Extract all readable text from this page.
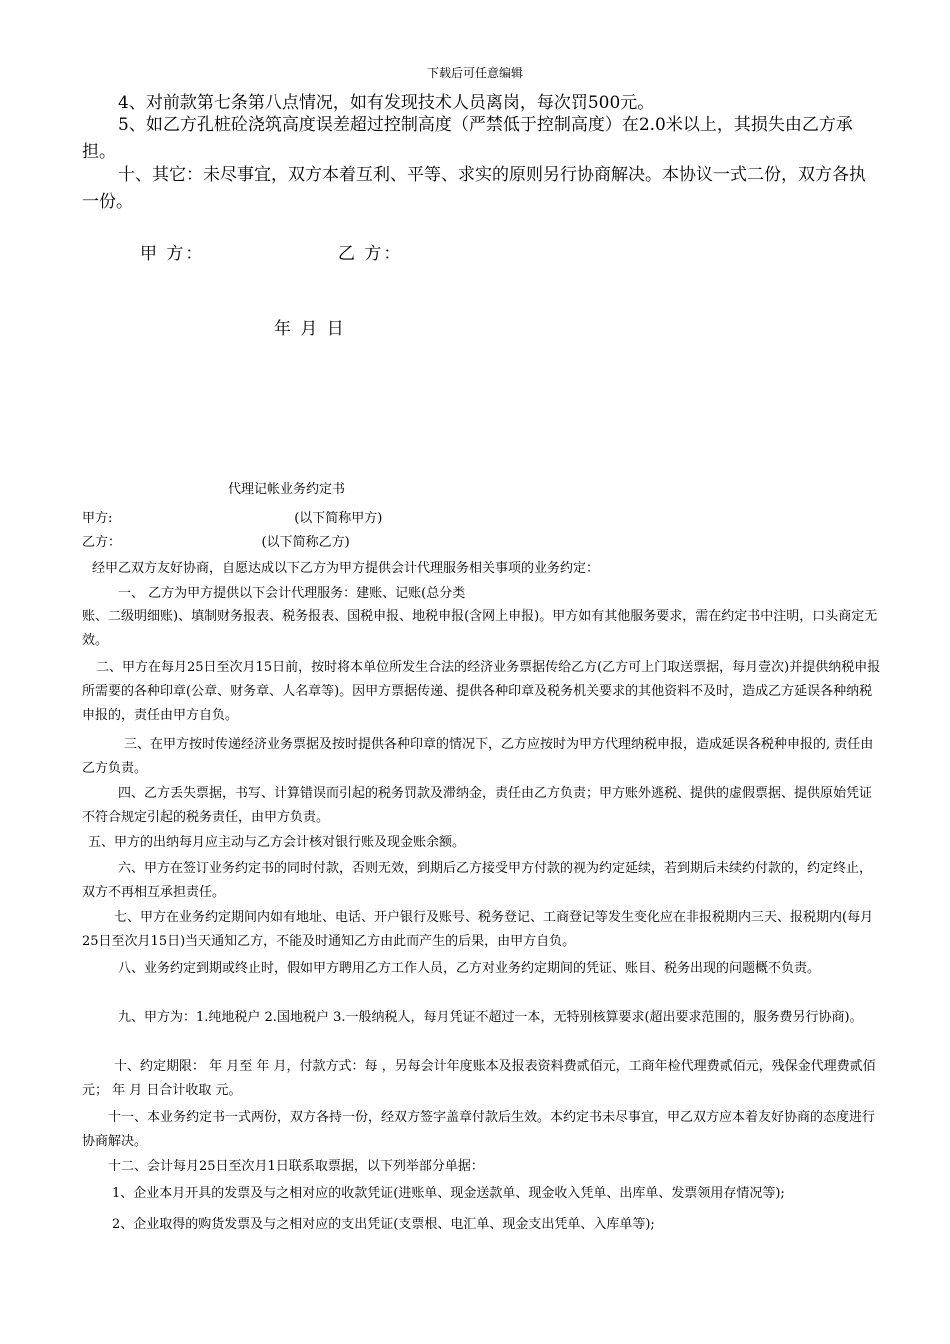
下载后可任意编辑
4、对前款第七条第八点情况，如有发现技术人员离岗，每次罚500元。
5、如乙方孔桩砼浇筑高度误差超过控制高度（严禁低于控制高度）在2.0米以上，其损失由乙方承担。
十、其它：未尽事宜，双方本着互利、平等、求实的原则另行协商解决。本协议一式二份，双方各执一份。
甲 方：	乙 方：
年 月 日
代理记帐业务约定书
甲方:                                            (以下简称甲方)
乙方：                                  (以下简称乙方)
经甲乙双方友好协商，自愿达成以下乙方为甲方提供会计代理服务相关事项的业务约定：
一、 乙方为甲方提供以下会计代理服务：建账、记账(总分类
账、二级明细账)、填制财务报表、税务报表、国税申报、地税申报(含网上申报)。甲方如有其他服务要求，需在约定书中注明，口头商定无效。
二、甲方在每月25日至次月15日前，按时将本单位所发生合法的经济业务票据传给乙方(乙方可上门取送票据，每月壹次)并提供纳税申报所需要的各种印章(公章、财务章、人名章等)。因甲方票据传递、提供各种印章及税务机关要求的其他资料不及时，造成乙方延误各种纳税申报的，责任由甲方自负。
三、在甲方按时传递经济业务票据及按时提供各种印章的情况下，乙方应按时为甲方代理纳税申报，造成延误各税种申报的, 责任由乙方负责。
四、乙方丢失票据，书写、计算错误而引起的税务罚款及滞纳金，责任由乙方负责；甲方账外逃税、提供的虚假票据、提供原始凭证不符合规定引起的税务责任，由甲方负责。
五、甲方的出纳每月应主动与乙方会计核对银行账及现金账余额。
六、甲方在签订业务约定书的同时付款，否则无效，到期后乙方接受甲方付款的视为约定延续，若到期后未续约付款的，约定终止，双方不再相互承担责任。
七、甲方在业务约定期间内如有地址、电话、开户银行及账号、税务登记、工商登记等发生变化应在非报税期内三天、报税期内(每月25日至次月15日)当天通知乙方，不能及时通知乙方由此而产生的后果，由甲方自负。
八、业务约定到期或终止时，假如甲方聘用乙方工作人员，乙方对业务约定期间的凭证、账目、税务出现的问题概不负责。
九、甲方为：1.纯地税户 2.国地税户 3.一般纳税人，每月凭证不超过一本，无特别核算要求(超出要求范围的，服务费另行协商)。
十、约定期限： 年 月至 年 月，付款方式：每 ，另每会计年度账本及报表资料费贰佰元，工商年检代理费贰佰元，残保金代理费贰佰元； 年 月 日合计收取 元。
十一、本业务约定书一式两份，双方各持一份，经双方签字盖章付款后生效。本约定书未尽事宜，甲乙双方应本着友好协商的态度进行协商解决。
十二、会计每月25日至次月1日联系取票据，以下列举部分单据：
1、企业本月开具的发票及与之相对应的收款凭证(进账单、现金送款单、现金收入凭单、出库单、发票领用存情况等);
2、企业取得的购货发票及与之相对应的支出凭证(支票根、电汇单、现金支出凭单、入库单等);
